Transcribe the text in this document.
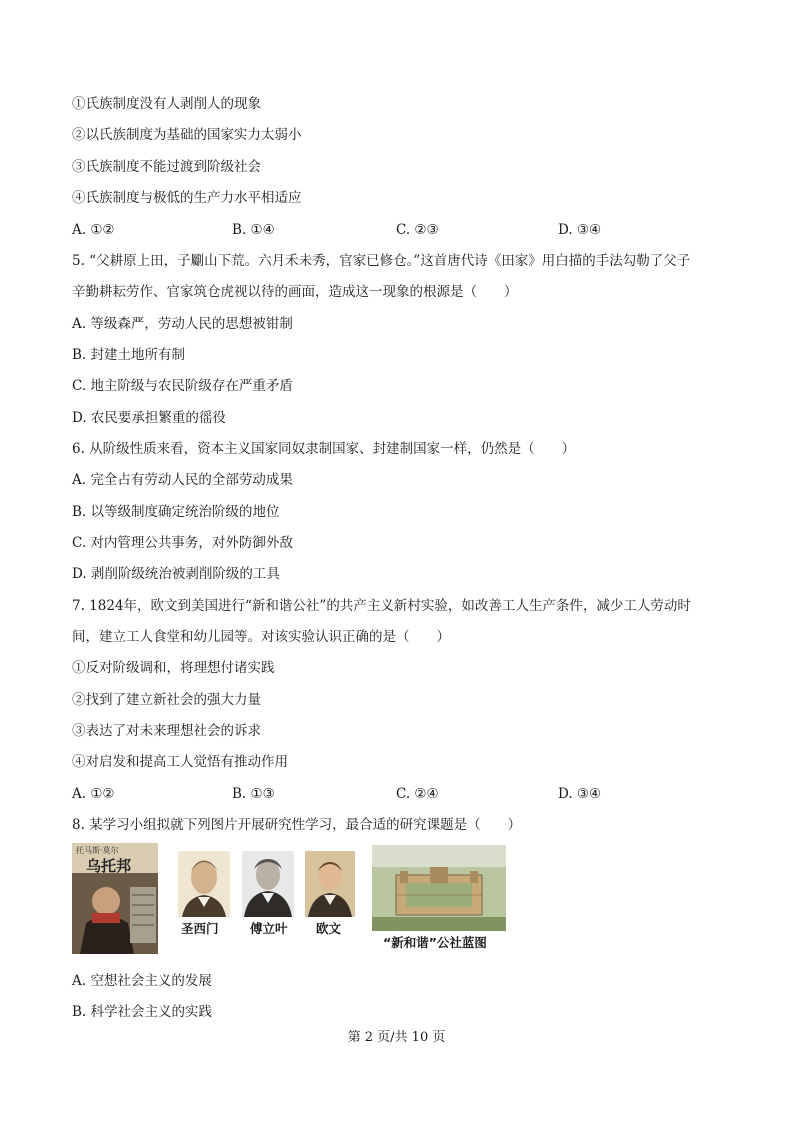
①氏族制度没有人剥削人的现象
②以氏族制度为基础的国家实力太弱小
③氏族制度不能过渡到阶级社会
④氏族制度与极低的生产力水平相适应
A. ①②	B. ①④	C. ②③	D. ③④
5. “父耕原上田，子劚山下荒。六月禾未秀，官家已修仓。”这首唐代诗《田家》用白描的手法勾勒了父子
辛勤耕耘劳作、官家筑仓虎视以待的画面，造成这一现象的根源是（　　）
A. 等级森严，劳动人民的思想被钳制
B. 封建土地所有制
C. 地主阶级与农民阶级存在严重矛盾
D. 农民要承担繁重的徭役
6. 从阶级性质来看，资本主义国家同奴隶制国家、封建制国家一样，仍然是（　　）
A. 完全占有劳动人民的全部劳动成果
B. 以等级制度确定统治阶级的地位
C. 对内管理公共事务，对外防御外敌
D. 剥削阶级统治被剥削阶级的工具
7. 1824年，欧文到美国进行“新和谐公社”的共产主义新村实验，如改善工人生产条件，减少工人劳动时
间，建立工人食堂和幼儿园等。对该实验认识正确的是（　　）
①反对阶级调和，将理想付诸实践
②找到了建立新社会的强大力量
③表达了对未来理想社会的诉求
④对启发和提高工人觉悟有推动作用
A. ①②	B. ①③	C. ②④	D. ③④
8. 某学习小组拟就下列图片开展研究性学习，最合适的研究课题是（　　）
托马斯·莫尔
乌托邦
圣西门	傅立叶 欧文
“新和谐”公社蓝图
A. 空想社会主义的发展
B. 科学社会主义的实践
第 2 页/共 10 页
